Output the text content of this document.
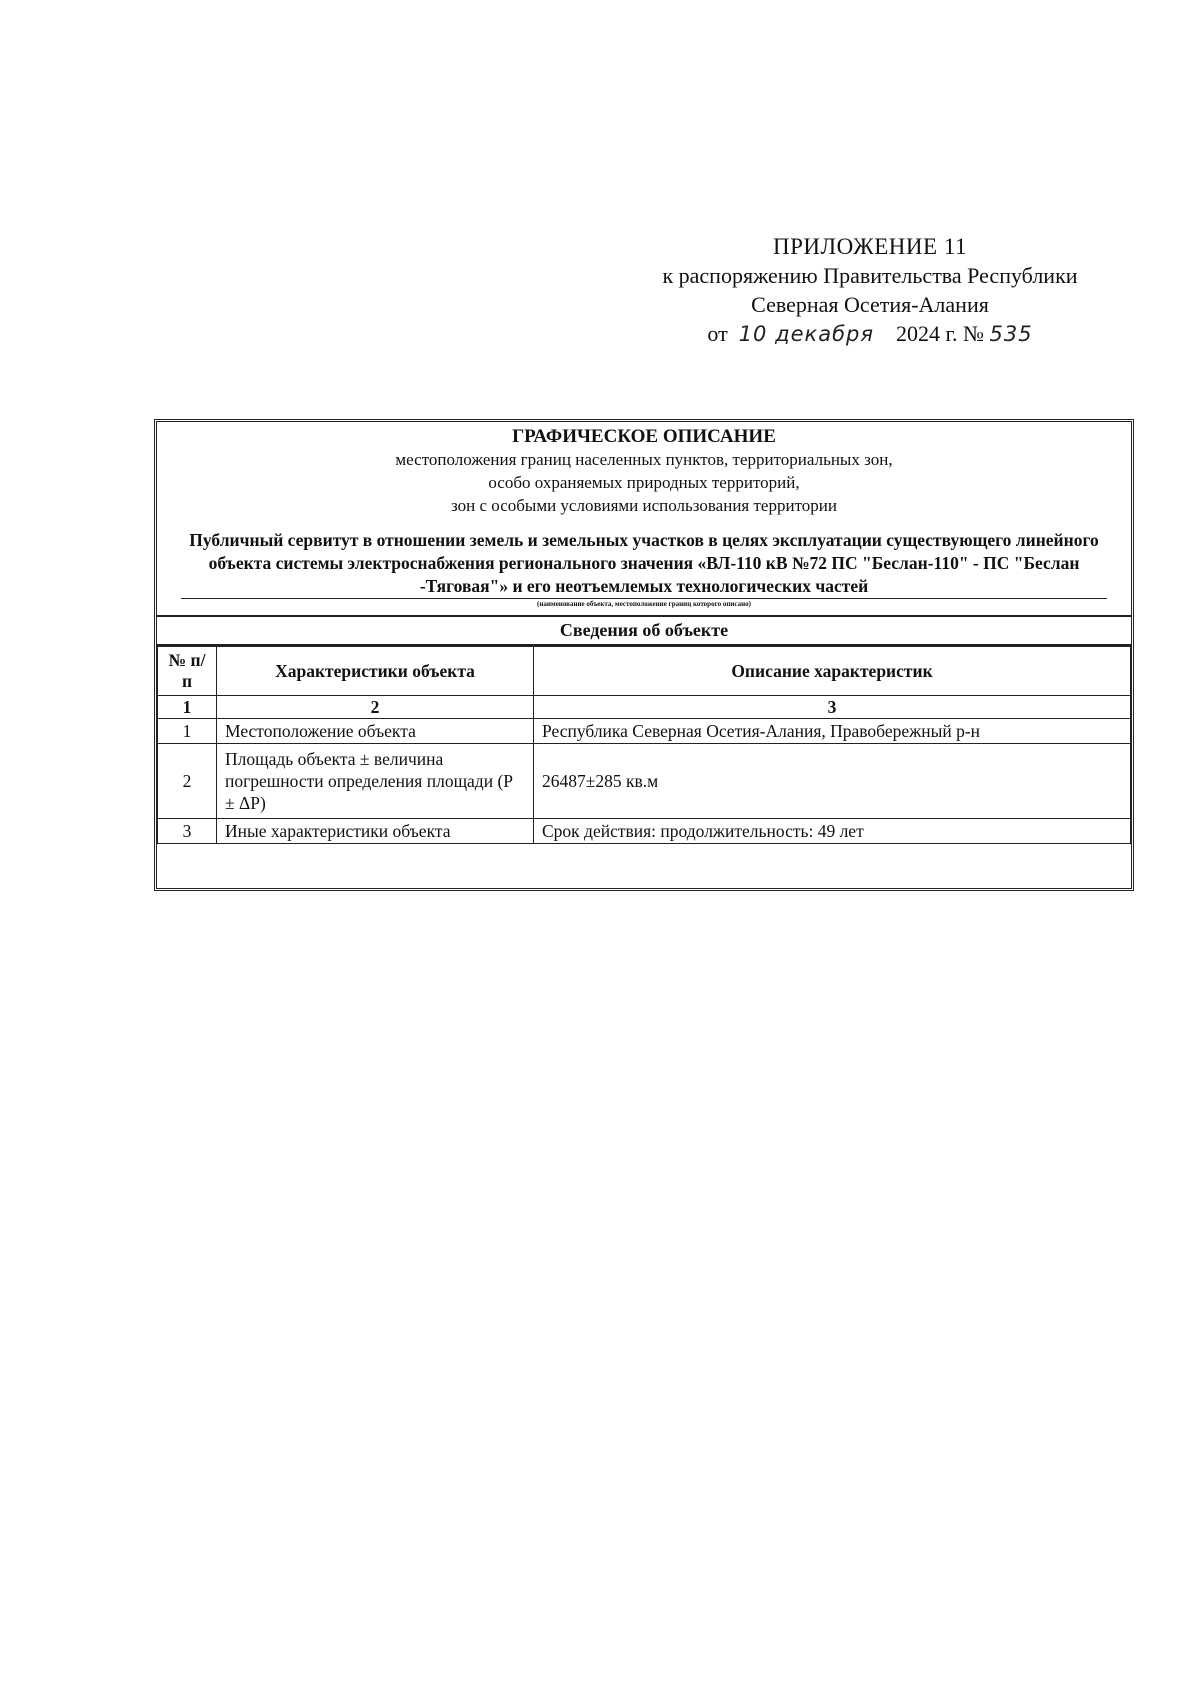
ПРИЛОЖЕНИЕ 11
к распоряжению Правительства Республики
Северная Осетия-Алания
от 10 декабря 2024 г. № 535
ГРАФИЧЕСКОЕ ОПИСАНИЕ
местоположения границ населенных пунктов, территориальных зон,
особо охраняемых природных территорий,
зон с особыми условиями использования территории
Публичный сервитут в отношении земель и земельных участков в целях эксплуатации существующего линейного объекта системы электроснабжения регионального значения «ВЛ-110 кВ №72 ПС "Беслан-110" - ПС "Беслан -Тяговая"» и его неотъемлемых технологических частей
(наименование объекта, местоположение границ которого описано)
Сведения об объекте
№ п/п	Характеристики объекта	Описание характеристик
1	2	3
1	Местоположение объекта	Республика Северная Осетия-Алания, Правобережный р-н
2	Площадь объекта ± величина погрешности определения площади (P ± ΔP)	26487±285 кв.м
3	Иные характеристики объекта	Срок действия: продолжительность: 49 лет
